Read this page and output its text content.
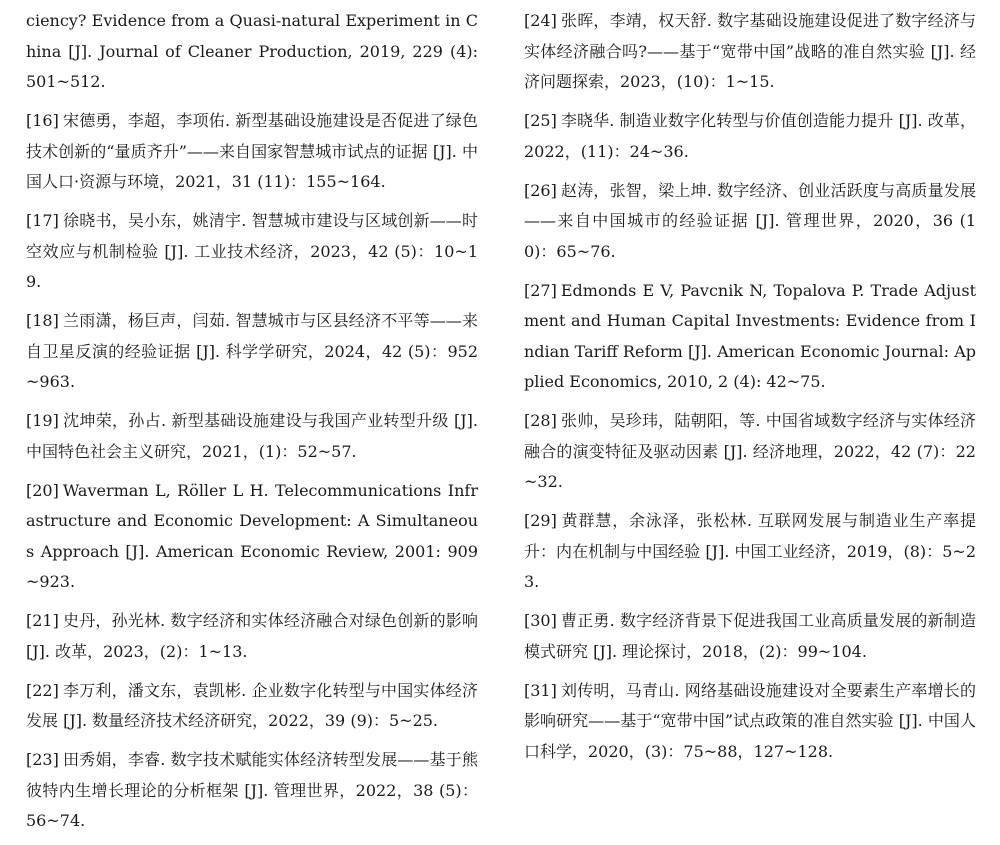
ciency? Evidence from a Quasi-natural Experiment in China [J]. Journal of Cleaner Production, 2019, 229 (4): 501~512.

[16] 宋德勇，李超，李项佑. 新型基础设施建设是否促进了绿色技术创新的“量质齐升”——来自国家智慧城市试点的证据 [J]. 中国人口·资源与环境，2021，31 (11)：155~164.

[17] 徐晓书，吴小东，姚清宇. 智慧城市建设与区域创新——时空效应与机制检验 [J]. 工业技术经济，2023，42 (5)：10~19.

[18] 兰雨潇，杨巨声，闫茹. 智慧城市与区县经济不平等——来自卫星反演的经验证据 [J]. 科学学研究，2024，42 (5)：952~963.

[19] 沈坤荣，孙占. 新型基础设施建设与我国产业转型升级 [J]. 中国特色社会主义研究，2021，(1)：52~57.

[20] Waverman L, Röller L H. Telecommunications Infrastructure and Economic Development: A Simultaneous Approach [J]. American Economic Review, 2001: 909~923.

[21] 史丹，孙光林. 数字经济和实体经济融合对绿色创新的影响 [J]. 改革，2023，(2)：1~13.

[22] 李万利，潘文东，袁凯彬. 企业数字化转型与中国实体经济发展 [J]. 数量经济技术经济研究，2022，39 (9)：5~25.

[23] 田秀娟，李睿. 数字技术赋能实体经济转型发展——基于熊彼特内生增长理论的分析框架 [J]. 管理世界，2022，38 (5)：56~74.

[24] 张晖，李靖，权天舒. 数字基础设施建设促进了数字经济与实体经济融合吗?——基于“宽带中国”战略的准自然实验 [J]. 经济问题探索，2023，(10)：1~15.

[25] 李晓华. 制造业数字化转型与价值创造能力提升 [J]. 改革，2022，(11)：24~36.

[26] 赵涛，张智，梁上坤. 数字经济、创业活跃度与高质量发展——来自中国城市的经验证据 [J]. 管理世界，2020，36 (10)：65~76.

[27] Edmonds E V, Pavcnik N, Topalova P. Trade Adjustment and Human Capital Investments: Evidence from Indian Tariff Reform [J]. American Economic Journal: Applied Economics, 2010, 2 (4): 42~75.

[28] 张帅，吴珍玮，陆朝阳，等. 中国省域数字经济与实体经济融合的演变特征及驱动因素 [J]. 经济地理，2022，42 (7)：22~32.

[29] 黄群慧，余泳泽，张松林. 互联网发展与制造业生产率提升：内在机制与中国经验 [J]. 中国工业经济，2019，(8)：5~23.

[30] 曹正勇. 数字经济背景下促进我国工业高质量发展的新制造模式研究 [J]. 理论探讨，2018，(2)：99~104.

[31] 刘传明，马青山. 网络基础设施建设对全要素生产率增长的影响研究——基于“宽带中国”试点政策的准自然实验 [J]. 中国人口科学，2020，(3)：75~88，127~128.
